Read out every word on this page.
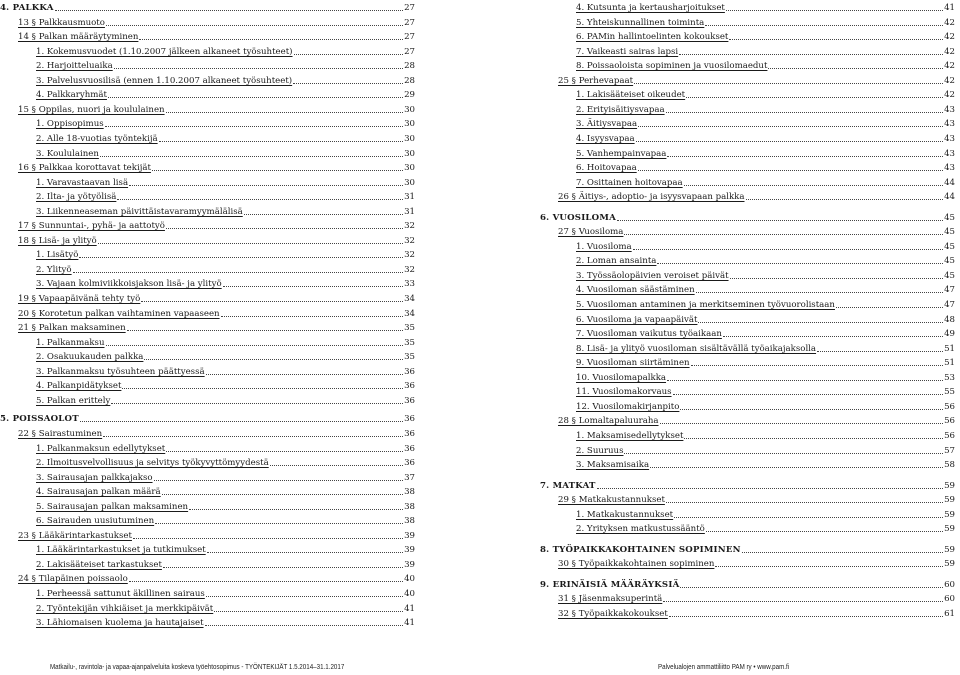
4. PALKKA	27
13 § Palkkausmuoto	27
14 § Palkan määräytyminen	27
1. Kokemusvuodet (1.10.2007 jälkeen alkaneet työsuhteet)	27
2. Harjoitteluaika	28
3. Palvelusvuosilisä (ennen 1.10.2007 alkaneet työsuhteet)	28
4. Palkkaryhmät	29
15 § Oppilas, nuori ja koululainen	30
1. Oppisopimus	30
2. Alle 18-vuotias työntekijä	30
3. Koululainen	30
16 § Palkkaa korottavat tekijät	30
1. Varavastaavan lisä	30
2. Ilta- ja yötyölisä	31
3. Liikenneaseman päivittäistavaramyymälälisä	31
17 § Sunnuntai-, pyhä- ja aattotyö	32
18 § Lisä- ja ylityö	32
1. Lisätyö	32
2. Ylityö	32
3. Vajaan kolmiviikkoisjakson lisä- ja ylityö	33
19 § Vapaapäivänä tehty työ	34
20 § Korotetun palkan vaihtaminen vapaaseen	34
21 § Palkan maksaminen	35
1. Palkanmaksu	35
2. Osakuukauden palkka	35
3. Palkanmaksu työsuhteen päättyessä	36
4. Palkanpidätykset	36
5. Palkan erittely	36
5. POISSAOLOT	36
22 § Sairastuminen	36
1. Palkanmaksun edellytykset	36
2. Ilmoitusvelvollisuus ja selvitys työkyvyttömyydestä	36
3. Sairausajan palkkajakso	37
4. Sairausajan palkan määrä	38
5. Sairausajan palkan maksaminen	38
6. Sairauden uusiutuminen	38
23 § Lääkärintarkastukset	39
1. Lääkärintarkastukset ja tutkimukset	39
2. Lakisääteiset tarkastukset	39
24 § Tilapäinen poissaolo	40
1. Perheessä sattunut äkillinen sairaus	40
2. Työntekijän vihkiäiset ja merkkipäivät	41
3. Lähiomaisen kuolema ja hautajaiset	41
4. Kutsunta ja kertausharjoitukset	41
5. Yhteiskunnallinen toiminta	42
6. PAMin hallintoelinten kokoukset	42
7. Vaikeasti sairas lapsi	42
8. Poissaoloista sopiminen ja vuosilomaedut	42
25 § Perhevapaat	42
1. Lakisääteiset oikeudet	42
2. Erityisäitiysvapaa	43
3. Äitiysvapaa	43
4. Isyysvapaa	43
5. Vanhempainvapaa	43
6. Hoitovapaa	43
7. Osittainen hoitovapaa	44
26 § Äitiys-, adoptio- ja isyysvapaan palkka	44
6. VUOSILOMA	45
27 § Vuosiloma	45
1. Vuosiloma	45
2. Loman ansainta	45
3. Työssäolopäivien veroiset päivät	45
4. Vuosiloman säästäminen	47
5. Vuosiloman antaminen ja merkitseminen työvuorolistaan	47
6. Vuosiloma ja vapaapäivät	48
7. Vuosiloman vaikutus työaikaan	49
8. Lisä- ja ylityö vuosiloman sisältävällä työaikajaksolla	51
9. Vuosiloman siirtäminen	51
10. Vuosilomapalkka	53
11. Vuosilomakorvaus	55
12. Vuosilomakirjanpito	56
28 § Lomaltapaluuraha	56
1. Maksamisedellytykset	56
2. Suuruus	57
3. Maksamisaika	58
7. MATKAT	59
29 § Matkakustannukset	59
1. Matkakustannukset	59
2. Yrityksen matkustussääntö	59
8. TYÖPAIKKAKOHTAINEN SOPIMINEN	59
30 § Työpaikkakohtainen sopiminen	59
9. ERINÄISIÄ MÄÄRÄYKSIÄ	60
31 § Jäsenmaksuperintä	60
32 § Työpaikkakokoukset	61
Matkailu-, ravintola- ja vapaa-ajanpalveluita koskeva työehtosopimus - TYÖNTEKIJÄT 1.5.2014–31.1.2017	Palvelualojen ammattiliitto PAM ry • www.pam.fi
